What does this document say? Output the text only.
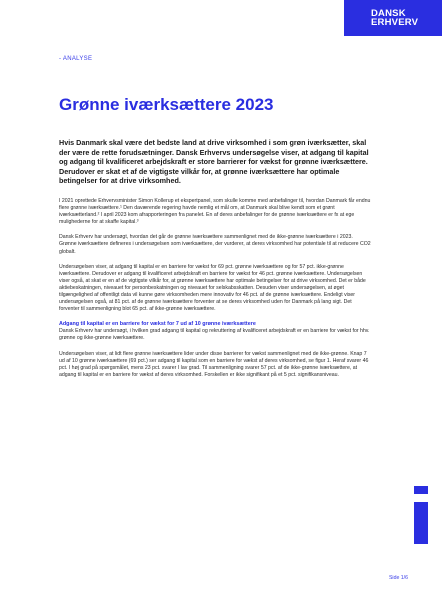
DANSK
ERHVERV
- ANALYSE
Grønne iværksættere 2023

Hvis Danmark skal være det bedste land at drive virksomhed i som grøn iværksætter, skal der være de rette forudsætninger. Dansk Erhvervs undersøgelse viser, at adgang til kapital og adgang til kvalificeret arbejdskraft er store barrierer for vækst for grønne iværksættere. Derudover er skat et af de vigtigste vilkår for, at grønne iværksættere har optimale betingelser for at drive virksomhed.

I 2021 oprettede Erhvervsminister Simon Kollerup et ekspertpanel, som skulle komme med anbefalinger til, hvordan Danmark får endnu flere grønne iværksættere.¹ Den daværende regering havde nemlig et mål om, at Danmark skal blive kendt som et grønt iværksætterland.² I april 2023 kom afrapporteringen fra panelet. En af deres anbefalinger for de grønne iværksættere er fx at ege mulighederne for at skaffe kapital.³

Dansk Erhverv har undersøgt, hvordan det går de grønne iværksættere sammenlignet med de ikke-grønne iværksættere i 2023. Grønne iværksættere defineres i undersøgelsen som iværksættere, der vurderer, at deres virksomhed har potentiale til at reducere CO2 globalt.

Undersøgelsen viser, at adgang til kapital er en barriere for vækst for 69 pct. grønne iværksættere og for 57 pct. ikke-grønne iværksættere. Derudover er adgang til kvalificeret arbejdskraft en barriere for vækst for 46 pct. grønne iværksættere. Undersøgelsen viser også, at skat er en af de vigtigste vilkår for, at grønne iværksættere har optimale betingelser for at drive virksomhed. Det er både aktiebeskatningen, niveauet for personbeskatningen og niveauet for selskabsskatten. Desuden viser undersøgelsen, at øget tilgængelighed af offentligt data vil kunne gøre virksomheden mere innovativ for 46 pct. af de grønne iværksættere. Endeligt viser undersøgelsen også, at 81 pct. af de grønne iværksættere forventer at se deres virksomhed uden for Danmark på lang sigt. Det forventer til sammenligning blot 65 pct. af ikke-grønne iværksættere.

Adgang til kapital er en barriere for vækst for 7 ud af 10 grønne iværksættere

Dansk Erhverv har undersøgt, i hvilken grad adgang til kapital og rekruttering af kvalificeret arbejdskraft er en barriere for vækst for hhv. grønne og ikke-grønne iværksættere.

Undersøgelsen viser, at lidt flere grønne iværksættere lider under disse barrierer for vækst sammenlignet med de ikke-grønne. Knap 7 ud af 10 grønne iværksættere (69 pct.) ser adgang til kapital som en barriere for vækst af deres virksomhed, se figur 1. Heraf svarer 46 pct. I høj grad på spørgsmålet, mens 23 pct. svarer I lav grad. Til sammenligning svarer 57 pct. af de ikke-grønne iværksættere, at adgang til kapital er en barriere for vækst af deres virksomhed. Forskellen er ikke signifikant på et 5 pct. signifikansniveau.

Side 1/6
